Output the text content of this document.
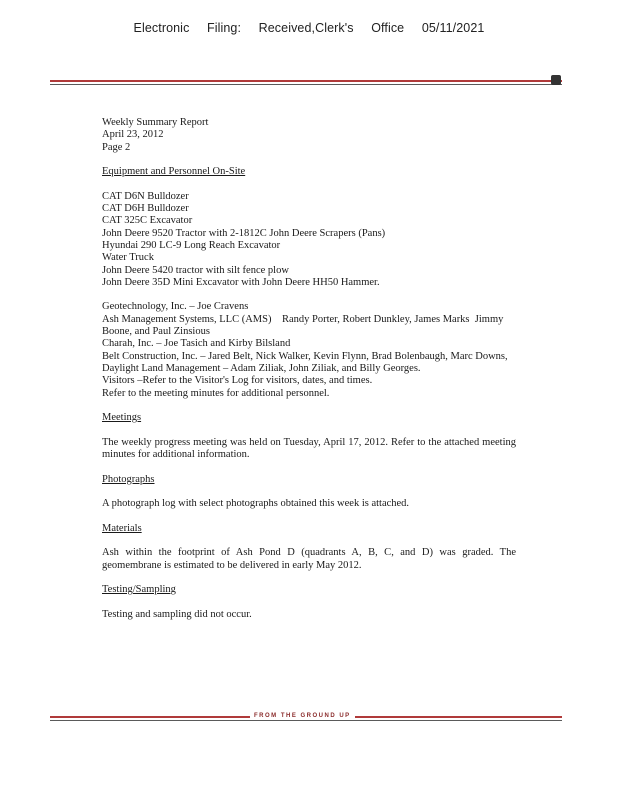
Electronic Filing: Received,Clerk's Office 05/11/2021
Weekly Summary Report
April 23, 2012
Page 2
Equipment and Personnel On-Site
CAT D6N Bulldozer
CAT D6H Bulldozer
CAT 325C Excavator
John Deere 9520 Tractor with 2-1812C John Deere Scrapers (Pans)
Hyundai 290 LC-9 Long Reach Excavator
Water Truck
John Deere 5420 tractor with silt fence plow
John Deere 35D Mini Excavator with John Deere HH50 Hammer.
Geotechnology, Inc. – Joe Cravens
Ash Management Systems, LLC (AMS)    Randy Porter, Robert Dunkley, James Marks  Jimmy
Boone, and Paul Zinsious
Charah, Inc. – Joe Tasich and Kirby Bilsland
Belt Construction, Inc. – Jared Belt, Nick Walker, Kevin Flynn, Brad Bolenbaugh, Marc Downs,
Daylight Land Management – Adam Ziliak, John Ziliak, and Billy Georges.
Visitors –Refer to the Visitor's Log for visitors, dates, and times.
Refer to the meeting minutes for additional personnel.
Meetings
The weekly progress meeting was held on Tuesday, April 17, 2012. Refer to the attached meeting minutes for additional information.
Photographs
A photograph log with select photographs obtained this week is attached.
Materials
Ash within the footprint of Ash Pond D (quadrants A, B, C, and D) was graded. The geomembrane is estimated to be delivered in early May 2012.
Testing/Sampling
Testing and sampling did not occur.
FROM THE GROUND UP
